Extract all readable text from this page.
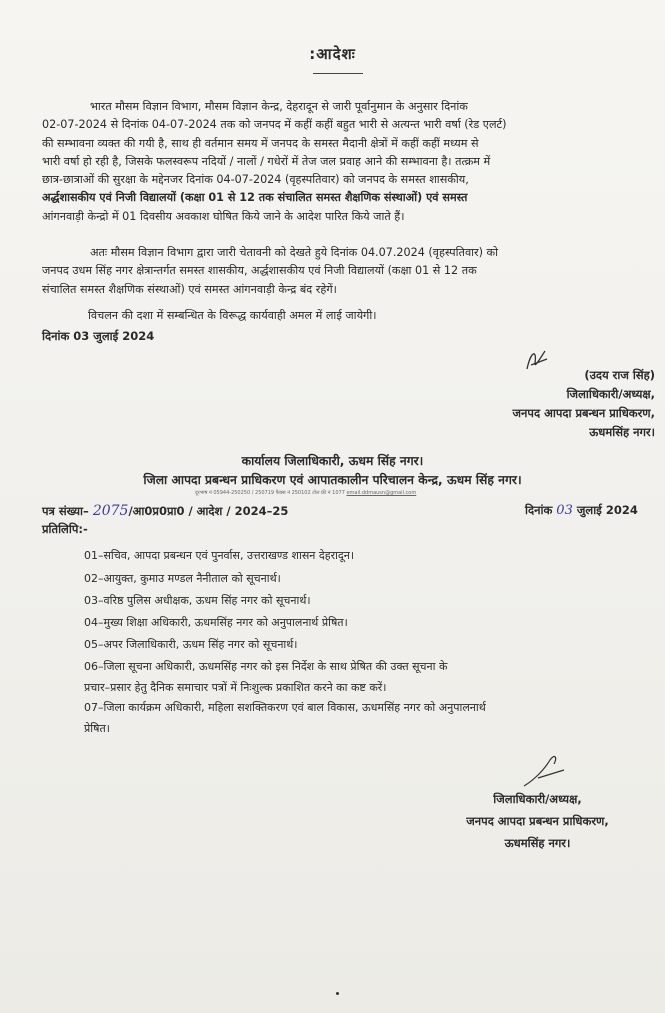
:आदेशः
भारत मौसम विज्ञान विभाग, मौसम विज्ञान केन्द्र, देहरादून से जारी पूर्वानुमान के अनुसार दिनांक
02-07-2024 से दिनांक 04-07-2024 तक को जनपद में कहीं कहीं बहुत भारी से अत्यन्त भारी वर्षा (रेड एलर्ट)
की सम्भावना व्यक्त की गयी है, साथ ही वर्तमान समय में जनपद के समस्त मैदानी क्षेत्रों में कहीं कहीं मध्यम से
भारी वर्षा हो रही है, जिसके फलस्वरूप नदियों / नालों / गधेरों में तेज जल प्रवाह आने की सम्भावना है। तत्क्रम में
छात्र-छात्राओं की सुरक्षा के मद्देनजर दिनांक 04-07-2024 (वृहस्पतिवार) को जनपद के समस्त शासकीय,
अर्द्धशासकीय एवं निजी विद्यालयों (कक्षा 01 से 12 तक संचालित समस्त शैक्षणिक संस्थाओं) एवं समस्त
आंगनवाड़ी केन्द्रो में 01 दिवसीय अवकाश घोषित किये जाने के आदेश पारित किये जाते हैं।
अतः मौसम विज्ञान विभाग द्वारा जारी चेतावनी को देखते हुये दिनांक 04.07.2024 (वृहस्पतिवार) को
जनपद उधम सिंह नगर क्षेत्रान्तर्गत समस्त शासकीय, अर्द्धशासकीय एवं निजी विद्यालयों (कक्षा 01 से 12 तक
संचालित समस्त शैक्षणिक संस्थाओं) एवं समस्त आंगनवाड़ी केन्द्र बंद रहेगें।
विचलन की दशा में सम्बन्धित के विरूद्ध कार्यवाही अमल में लाई जायेगी।
दिनांक 03 जुलाई 2024
(उदय राज सिंह)
जिलाधिकारी/अध्यक्ष,
जनपद आपदा प्रबन्धन प्राधिकरण,
ऊधमसिंह नगर।
कार्यालय जिलाधिकारी, ऊधम सिंह नगर।
जिला आपदा प्रबन्धन प्राधिकरण एवं आपातकालीन परिचालन केन्द्र, ऊधम सिंह नगर।
दूरभाष नं 05944-250250 / 250719 फैक्स नं 250102 टोल फ्री नं 1077 email.ddmausn@gmail.com
पत्र संख्या– 2075/आ0प्र0प्रा0 / आदेश / 2024–25	दिनांक 03 जुलाई 2024
प्रतिलिपि:-
01–सचिव, आपदा प्रबन्धन एवं पुनर्वास, उत्तराखण्ड शासन देहरादून।
02–आयुक्त, कुमाउ मण्डल नैनीताल को सूचनार्थ।
03–वरिष्ठ पुलिस अधीक्षक, ऊधम सिंह नगर को सूचनार्थ।
04–मुख्य शिक्षा अधिकारी, ऊधमसिंह नगर को अनुपालनार्थ प्रेषित।
05–अपर जिलाधिकारी, ऊधम सिंह नगर को सूचनार्थ।
06–जिला सूचना अधिकारी, ऊधमसिंह नगर को इस निर्देश के साथ प्रेषित की उक्त सूचना के
प्रचार–प्रसार हेतु दैनिक समाचार पत्रों में निःशुल्क प्रकाशित करने का कष्ट करें।
07–जिला कार्यक्रम अधिकारी, महिला सशक्तिकरण एवं बाल विकास, ऊधमसिंह नगर को अनुपालनार्थ
प्रेषित।
जिलाधिकारी/अध्यक्ष,
जनपद आपदा प्रबन्धन प्राधिकरण,
ऊधमसिंह नगर।
